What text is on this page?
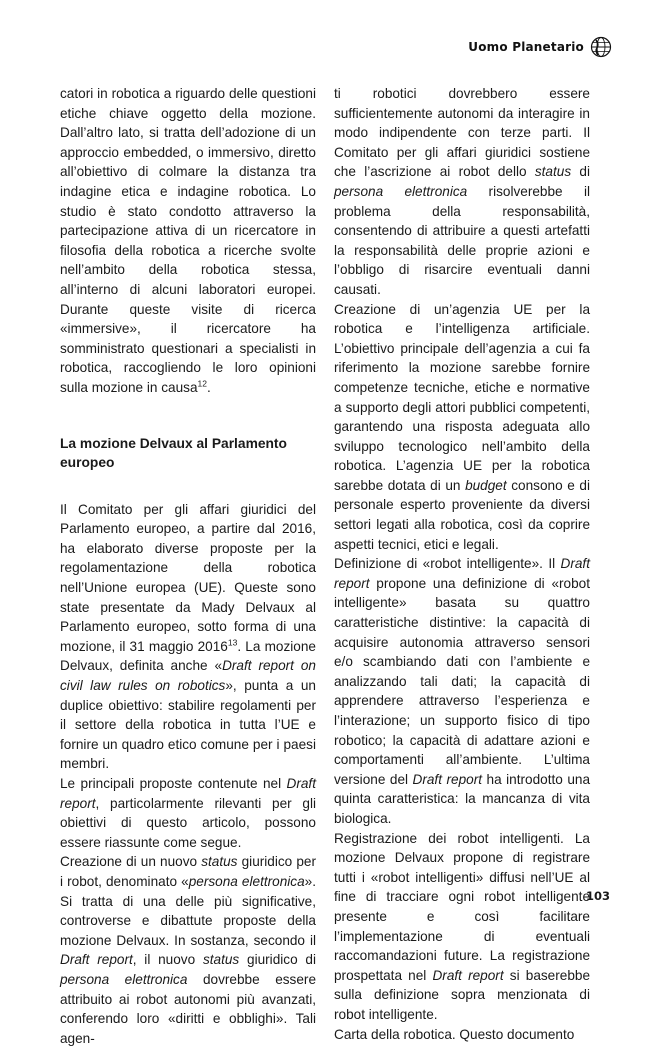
Uomo Planetario

catori in robotica a riguardo delle questioni etiche chiave oggetto della mozione. Dall’altro lato, si tratta dell’adozione di un approccio embedded, o immersivo, diretto all’obiettivo di colmare la distanza tra indagine etica e indagine robotica. Lo studio è stato condotto attraverso la partecipazione attiva di un ricercatore in filosofia della robotica a ricerche svolte nell’ambito della robotica stessa, all’interno di alcuni laboratori europei. Durante queste visite di ricerca «immersive», il ricercatore ha somministrato questionari a specialisti in robotica, raccogliendo le loro opinioni sulla mozione in causa$^{12}$.

La mozione Delvaux al Parlamento europeo

Il Comitato per gli affari giuridici del Parlamento europeo, a partire dal 2016, ha elaborato diverse proposte per la regolamentazione della robotica nell’Unione europea (UE). Queste sono state presentate da Mady Delvaux al Parlamento europeo, sotto forma di una mozione, il 31 maggio 2016$^{13}$. La mozione Delvaux, definita anche «Draft report on civil law rules on robotics», punta a un duplice obiettivo: stabilire regolamenti per il settore della robotica in tutta l’UE e fornire un quadro etico comune per i paesi membri.

Le principali proposte contenute nel Draft report, particolarmente rilevanti per gli obiettivi di questo articolo, possono essere riassunte come segue.

Creazione di un nuovo status giuridico per i robot, denominato «persona elettronica». Si tratta di una delle più significative, controverse e dibattute proposte della mozione Delvaux. In sostanza, secondo il Draft report, il nuovo status giuridico di persona elettronica dovrebbe essere attribuito ai robot autonomi più avanzati, conferendo loro «diritti e obblighi». Tali agen-

ti robotici dovrebbero essere sufficientemente autonomi da interagire in modo indipendente con terze parti. Il Comitato per gli affari giuridici sostiene che l’ascrizione ai robot dello status di persona elettronica risolverebbe il problema della responsabilità, consentendo di attribuire a questi artefatti la responsabilità delle proprie azioni e l’obbligo di risarcire eventuali danni causati.

Creazione di un’agenzia UE per la robotica e l’intelligenza artificiale. L’obiettivo principale dell’agenzia a cui fa riferimento la mozione sarebbe fornire competenze tecniche, etiche e normative a supporto degli attori pubblici competenti, garantendo una risposta adeguata allo sviluppo tecnologico nell’ambito della robotica. L’agenzia UE per la robotica sarebbe dotata di un budget consono e di personale esperto proveniente da diversi settori legati alla robotica, così da coprire aspetti tecnici, etici e legali.

Definizione di «robot intelligente». Il Draft report propone una definizione di «robot intelligente» basata su quattro caratteristiche distintive: la capacità di acquisire autonomia attraverso sensori e/o scambiando dati con l’ambiente e analizzando tali dati; la capacità di apprendere attraverso l’esperienza e l’interazione; un supporto fisico di tipo robotico; la capacità di adattare azioni e comportamenti all’ambiente. L’ultima versione del Draft report ha introdotto una quinta caratteristica: la mancanza di vita biologica.

Registrazione dei robot intelligenti. La mozione Delvaux propone di registrare tutti i «robot intelligenti» diffusi nell’UE al fine di tracciare ogni robot intelligente presente e così facilitare l’implementazione di eventuali raccomandazioni future. La registrazione prospettata nel Draft report si baserebbe sulla definizione sopra menzionata di robot intelligente.

Carta della robotica. Questo documento

103
